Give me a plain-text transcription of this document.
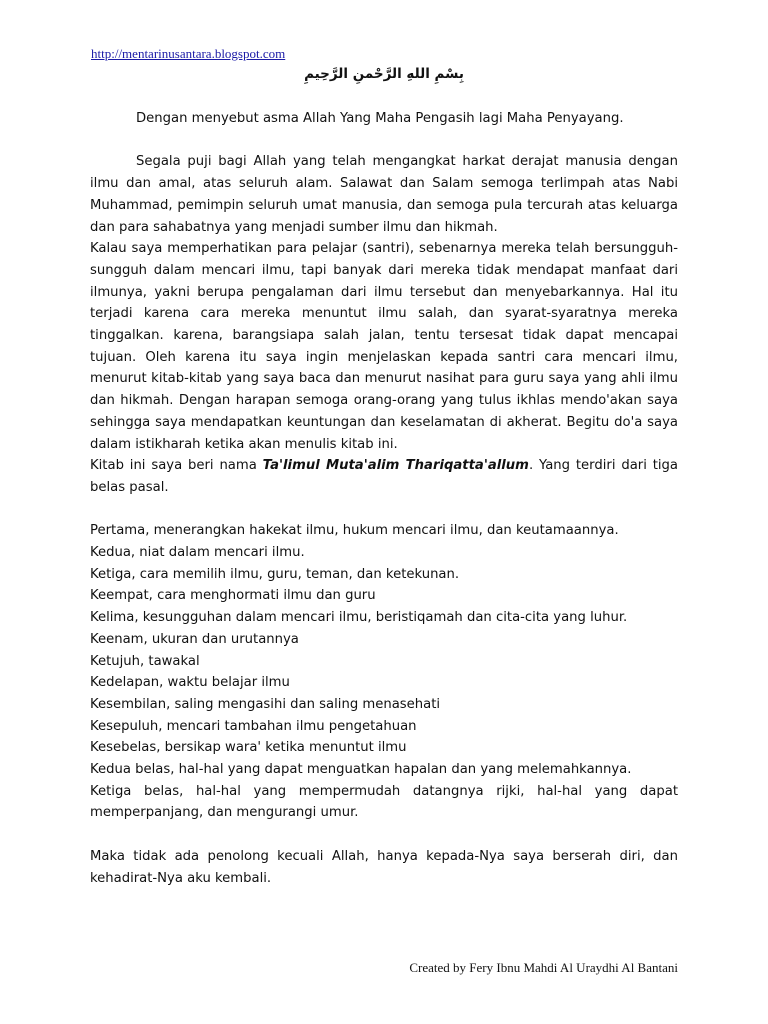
http://mentarinusantara.blogspot.com
بِسْمِ اللهِ الرَّحْمنِ الرَّحِيمِ

Dengan menyebut asma Allah Yang Maha Pengasih lagi Maha Penyayang.

Segala puji bagi Allah yang telah mengangkat harkat derajat manusia dengan ilmu dan amal, atas seluruh alam. Salawat dan Salam semoga terlimpah atas Nabi Muhammad, pemimpin seluruh umat manusia, dan semoga pula tercurah atas keluarga dan para sahabatnya yang menjadi sumber ilmu dan hikmah.

Kalau saya memperhatikan para pelajar (santri), sebenarnya mereka telah bersungguh-sungguh dalam mencari ilmu, tapi banyak dari mereka tidak mendapat manfaat dari ilmunya, yakni berupa pengalaman dari ilmu tersebut dan menyebarkannya. Hal itu terjadi karena cara mereka menuntut ilmu salah, dan syarat-syaratnya mereka tinggalkan. karena, barangsiapa salah jalan, tentu tersesat tidak dapat mencapai tujuan. Oleh karena itu saya ingin menjelaskan kepada santri cara mencari ilmu, menurut kitab-kitab yang saya baca dan menurut nasihat para guru saya yang ahli ilmu dan hikmah. Dengan harapan semoga orang-orang yang tulus ikhlas mendo'akan saya sehingga saya mendapatkan keuntungan dan keselamatan di akherat. Begitu do'a saya dalam istikharah ketika akan menulis kitab ini.

Kitab ini saya beri nama Ta'limul Muta'alim Thariqatta'allum. Yang terdiri dari tiga belas pasal.

Pertama, menerangkan hakekat ilmu, hukum mencari ilmu, dan keutamaannya.

Kedua, niat dalam mencari ilmu.

Ketiga, cara memilih ilmu, guru, teman, dan ketekunan.

Keempat, cara menghormati ilmu dan guru

Kelima, kesungguhan dalam mencari ilmu, beristiqamah dan cita-cita yang luhur.

Keenam, ukuran dan urutannya

Ketujuh, tawakal

Kedelapan, waktu belajar ilmu

Kesembilan, saling mengasihi dan saling menasehati

Kesepuluh, mencari tambahan ilmu pengetahuan

Kesebelas, bersikap wara' ketika menuntut ilmu

Kedua belas, hal-hal yang dapat menguatkan hapalan dan yang melemahkannya.

Ketiga belas, hal-hal yang mempermudah datangnya rijki, hal-hal yang dapat memperpanjang, dan mengurangi umur.

Maka tidak ada penolong kecuali Allah, hanya kepada-Nya saya berserah diri, dan kehadirat-Nya aku kembali.

Created by Fery Ibnu Mahdi Al Uraydhi Al Bantani
